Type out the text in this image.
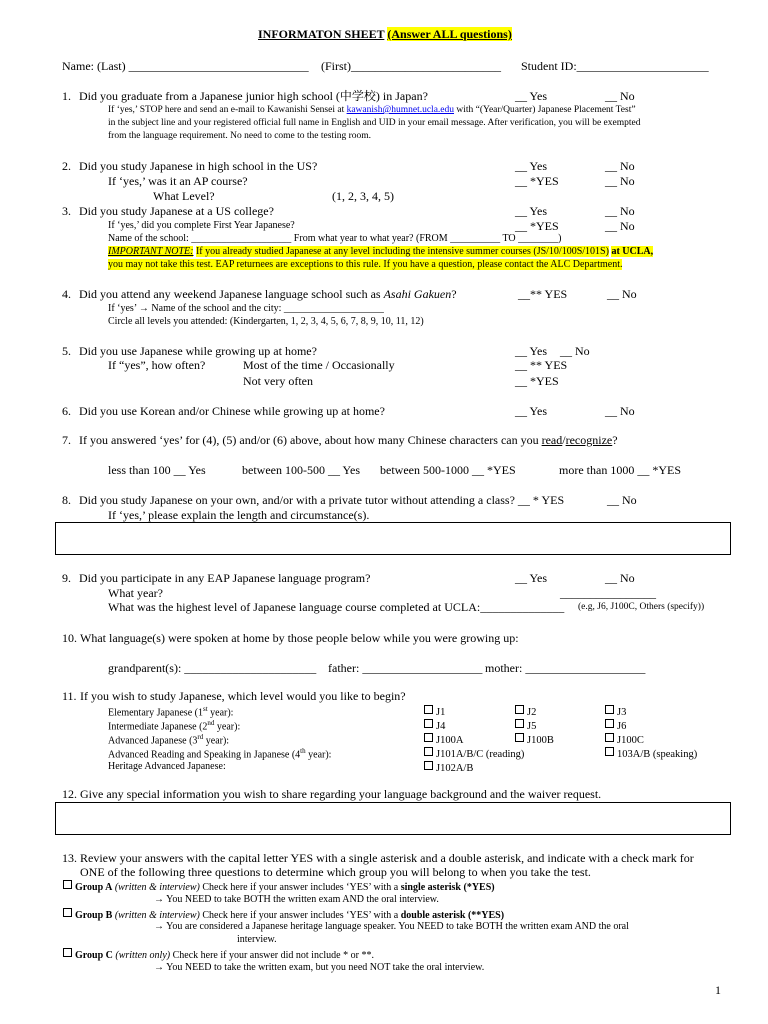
INFORMATON SHEET (Answer ALL questions)
Name: (Last) ______________________________ (First)_________________________ Student ID:______________________
1. Did you graduate from a Japanese junior high school (中学校) in Japan?	__ Yes	__ No
If ‘yes,’ STOP here and send an e-mail to Kawanishi Sensei at kawanish@humnet.ucla.edu with “(Year/Quarter) Japanese Placement Test”
in the subject line and your registered official full name in English and UID in your email message. After verification, you will be exempted
from the language requirement. No need to come to the testing room.
2. Did you study Japanese in high school in the US?	__ Yes	__ No
If ‘yes,’ was it an AP course?	__ *YES	__ No
What Level?	(1, 2, 3, 4, 5)
3. Did you study Japanese at a US college?	__ Yes	__ No
If ‘yes,’ did you complete First Year Japanese?	__ *YES	__ No
Name of the school: ____________________ From what year to what year? (FROM __________ TO ________)
IMPORTANT NOTE: If you already studied Japanese at any level including the intensive summer courses (JS/10/100S/101S) at UCLA,
you may not take this test. EAP returnees are exceptions to this rule. If you have a question, please contact the ALC Department.
4. Did you attend any weekend Japanese language school such as Asahi Gakuen?	__** YES	__ No
If ‘yes’ → Name of the school and the city: ____________________
Circle all levels you attended: (Kindergarten, 1, 2, 3, 4, 5, 6, 7, 8, 9, 10, 11, 12)
5. Did you use Japanese while growing up at home?	__ Yes __ No
If “yes”, how often?	Most of the time / Occasionally	__ ** YES
Not very often	__ *YES
6. Did you use Korean and/or Chinese while growing up at home?	__ Yes	__ No
7. If you answered ‘yes’ for (4), (5) and/or (6) above, about how many Chinese characters can you read/recognize?
less than 100 __ Yes	between 100-500 __ Yes between 500-1000 __ *YES	more than 1000 __ *YES
8. Did you study Japanese on your own, and/or with a private tutor without attending a class? __ * YES	__ No
If ‘yes,’ please explain the length and circumstance(s).
9. Did you participate in any EAP Japanese language program?	__ Yes	__ No
What year?	________________
What was the highest level of Japanese language course completed at UCLA:______________ (e.g, J6, J100C, Others (specify))
10. What language(s) were spoken at home by those people below while you were growing up:
grandparent(s): ______________________ father: ____________________ mother: ____________________
11. If you wish to study Japanese, which level would you like to begin?
Elementary Japanese (1st year):	J1	J2	J3
Intermediate Japanese (2nd year):	J4	J5	J6
Advanced Japanese (3rd year):	J100A	J100B	J100C
Advanced Reading and Speaking in Japanese (4th year):	J101A/B/C (reading)	103A/B (speaking)
Heritage Advanced Japanese:	J102A/B
12. Give any special information you wish to share regarding your language background and the waiver request.
13. Review your answers with the capital letter YES with a single asterisk and a double asterisk, and indicate with a check mark for
ONE of the following three questions to determine which group you will belong to when you take the test.
Group A (written & interview) Check here if your answer includes ‘YES’ with a single asterisk (*YES)
→ You NEED to take BOTH the written exam AND the oral interview.
Group B (written & interview) Check here if your answer includes ‘YES’ with a double asterisk (**YES)
→ You are considered a Japanese heritage language speaker. You NEED to take BOTH the written exam AND the oral
interview.
Group C (written only) Check here if your answer did not include * or **.
→ You NEED to take the written exam, but you need NOT take the oral interview.
1
